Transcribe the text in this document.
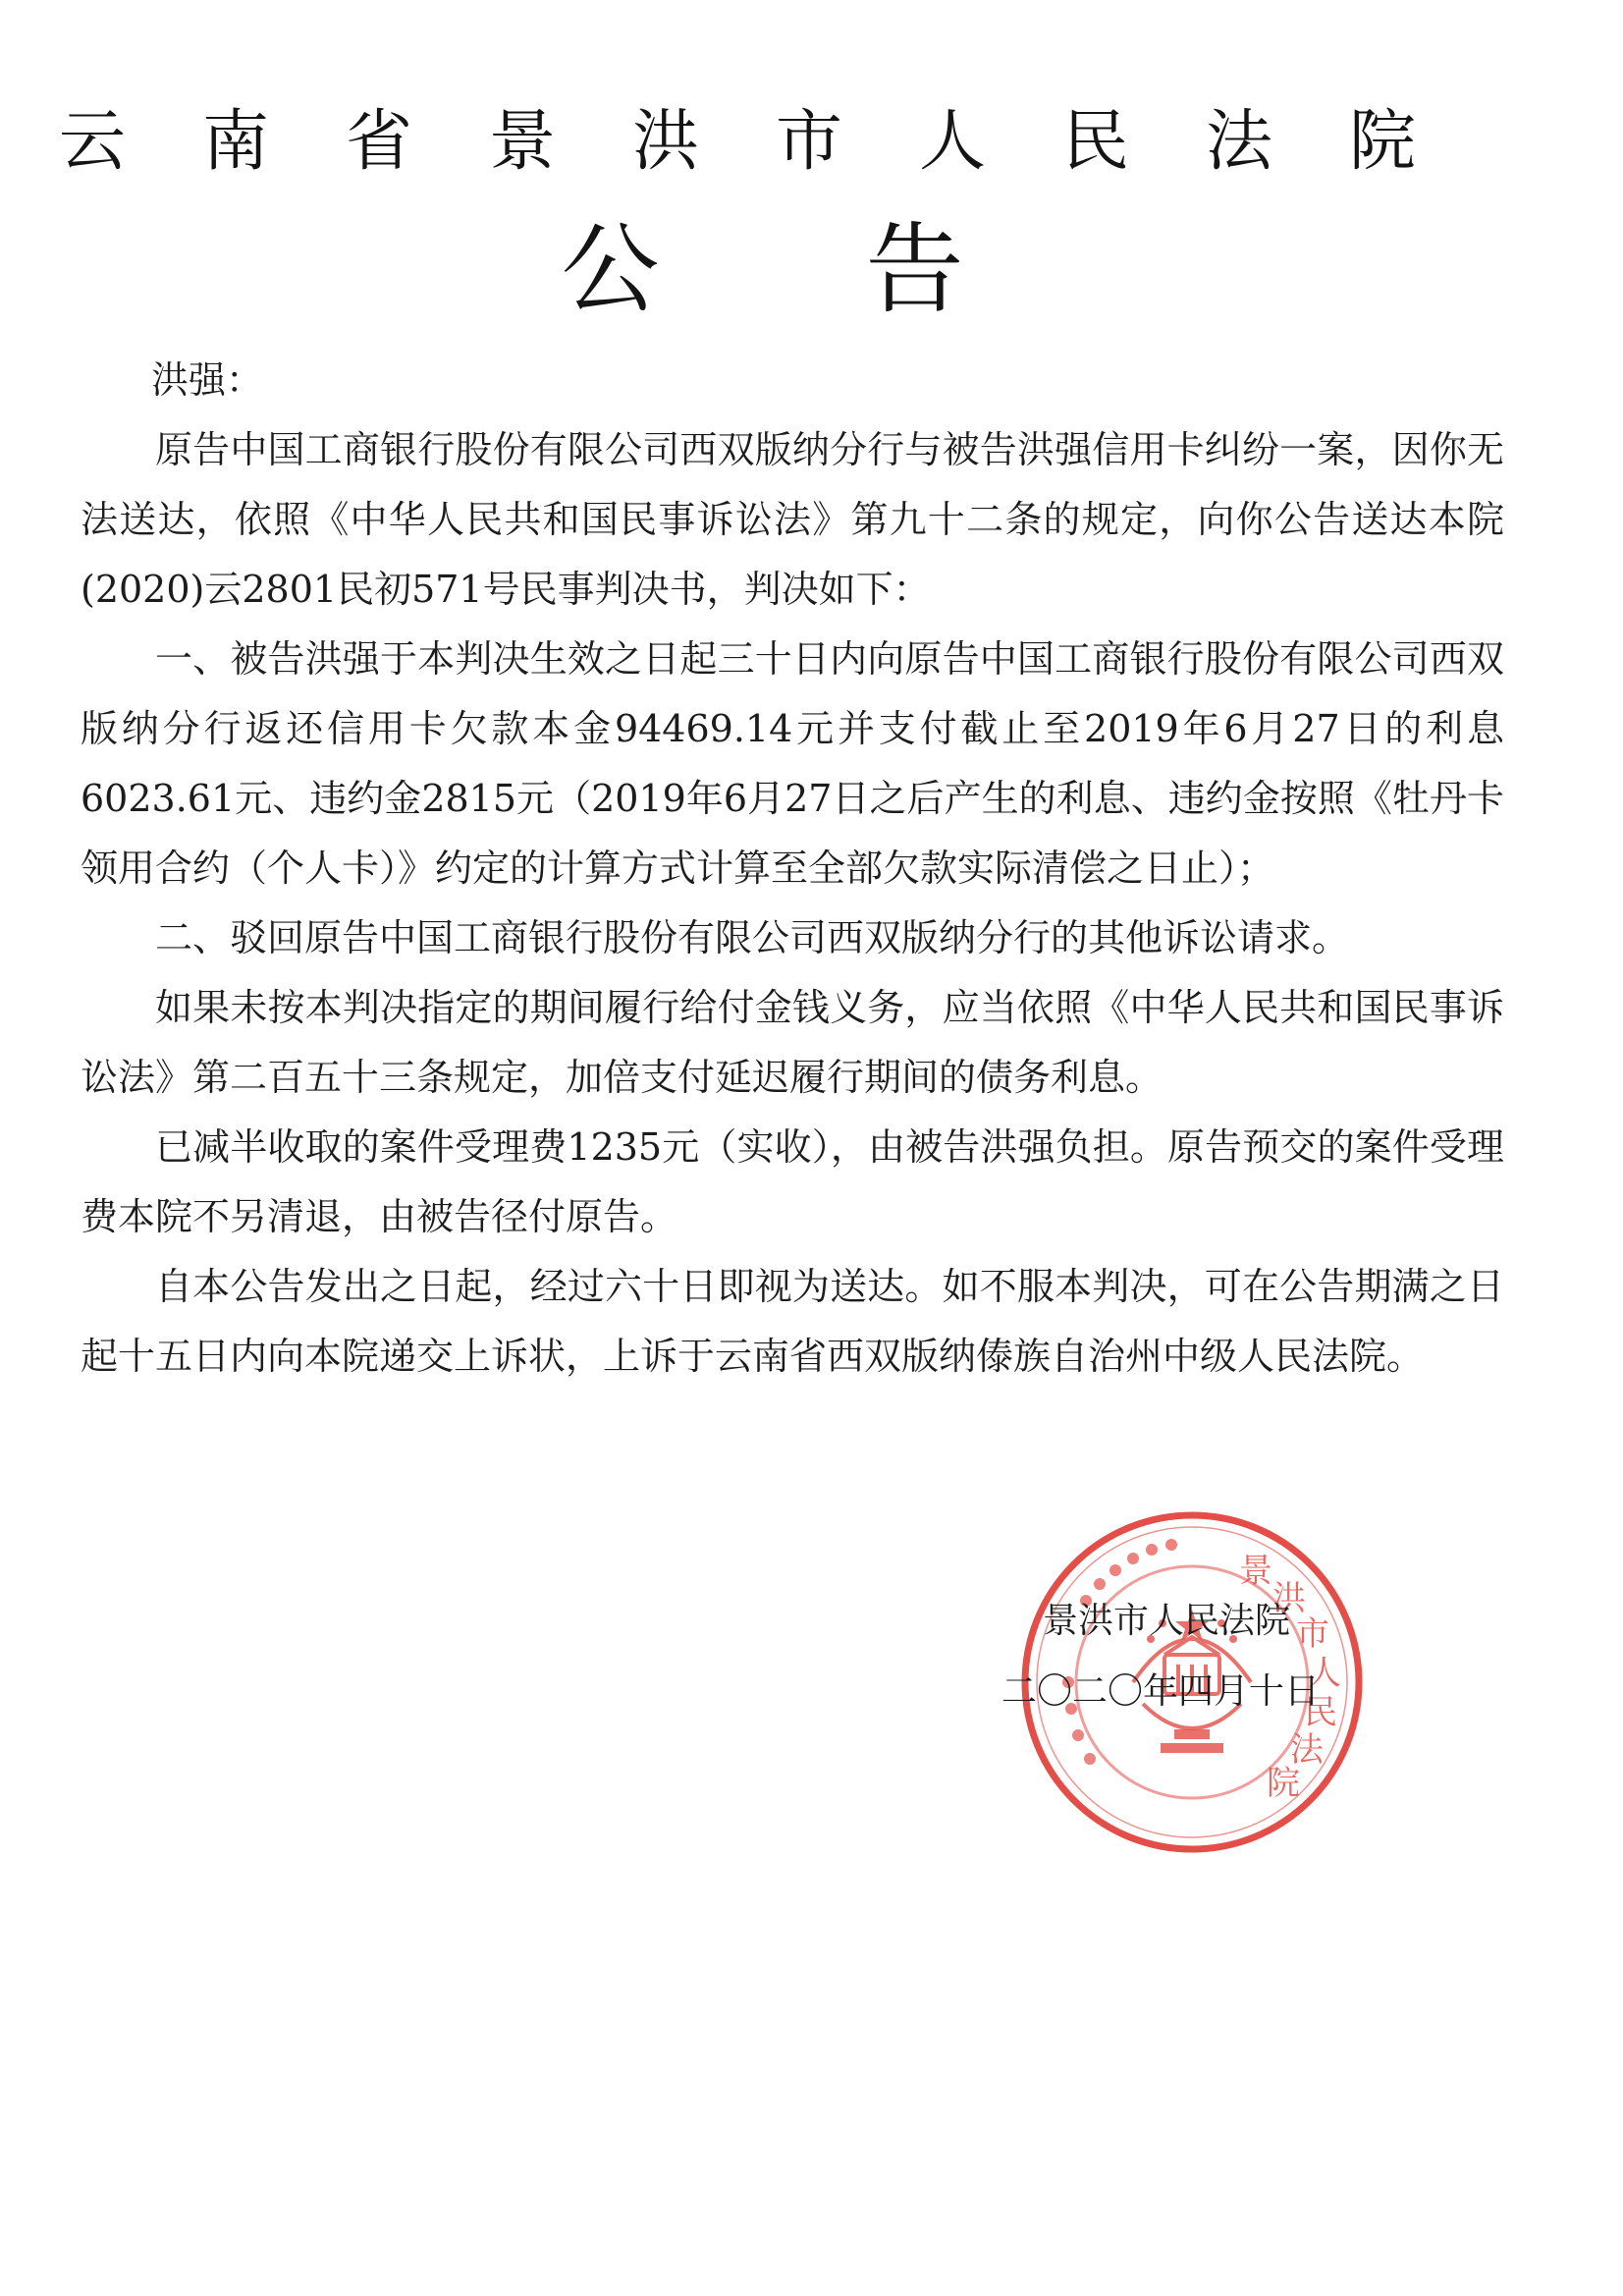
云南省景洪市人民法院
公告

洪强：

原告中国工商银行股份有限公司西双版纳分行与被告洪强信用卡纠纷一案，因你无法送达，依照《中华人民共和国民事诉讼法》第九十二条的规定，向你公告送达本院(2020)云2801民初571号民事判决书，判决如下：

一、被告洪强于本判决生效之日起三十日内向原告中国工商银行股份有限公司西双版纳分行返还信用卡欠款本金94469.14元并支付截止至2019年6月27日的利息6023.61元、违约金2815元（2019年6月27日之后产生的利息、违约金按照《牡丹卡领用合约（个人卡）》约定的计算方式计算至全部欠款实际清偿之日止）；

二、驳回原告中国工商银行股份有限公司西双版纳分行的其他诉讼请求。

如果未按本判决指定的期间履行给付金钱义务，应当依照《中华人民共和国民事诉讼法》第二百五十三条规定，加倍支付延迟履行期间的债务利息。

已减半收取的案件受理费1235元（实收），由被告洪强负担。原告预交的案件受理费本院不另清退，由被告径付原告。

自本公告发出之日起，经过六十日即视为送达。如不服本判决，可在公告期满之日起十五日内向本院递交上诉状，上诉于云南省西双版纳傣族自治州中级人民法院。

景
洪
市
人
民
法
院
景洪市人民法院
二〇二〇年四月十日
